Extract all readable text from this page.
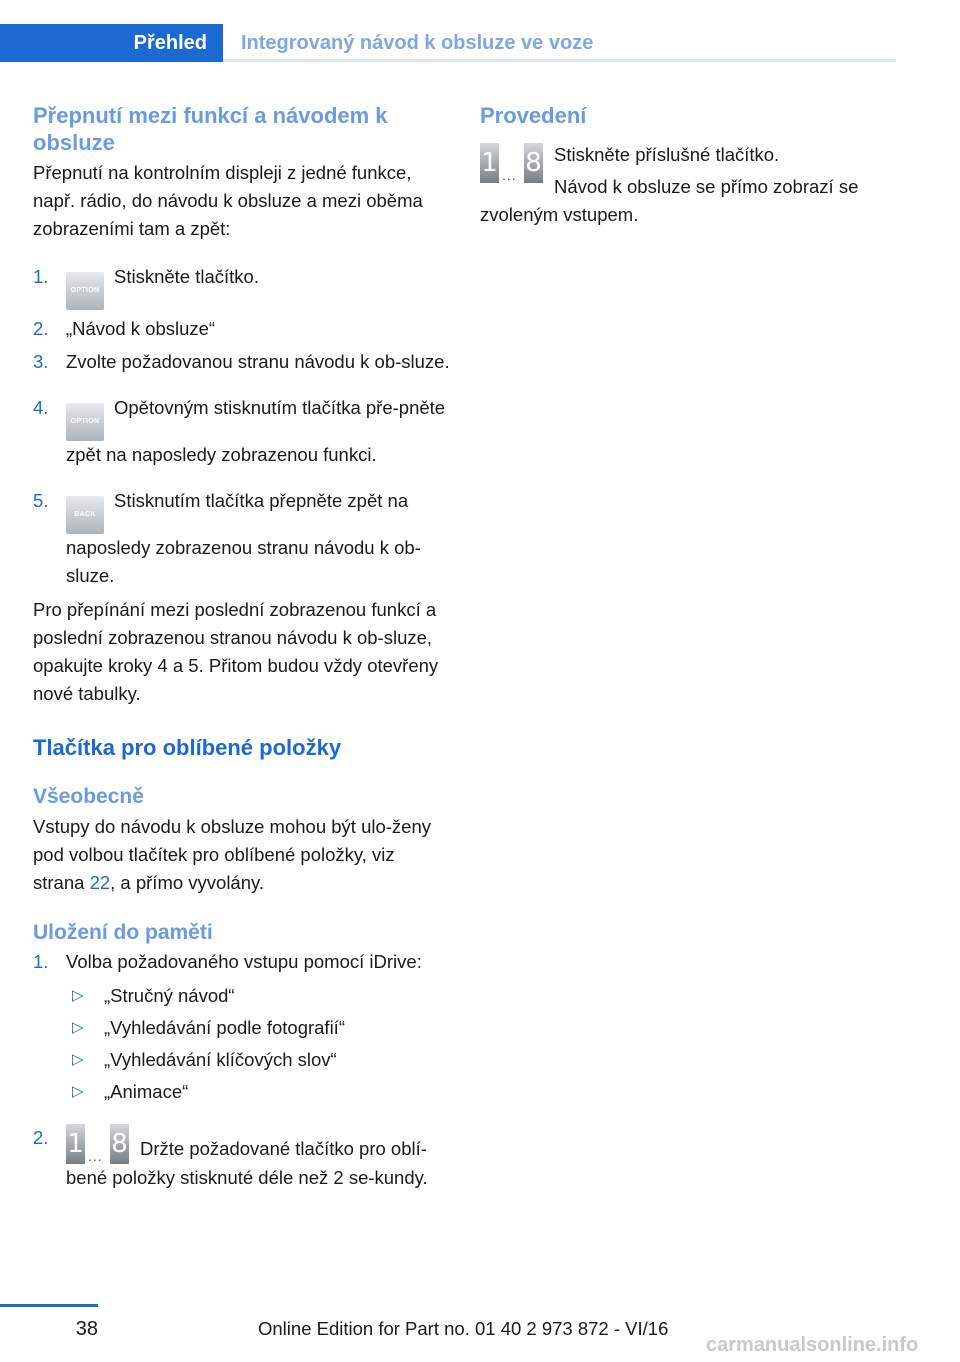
Přehled	Integrovaný návod k obsluze ve voze
Přepnutí mezi funkcí a návodem k obsluze
Přepnutí na kontrolním displeji z jedné funkce, např. rádio, do návodu k obsluze a mezi oběma zobrazeními tam a zpět:
1.
OPTIONStiskněte tlačítko.
2. „Návod k obsluze“
3. Zvolte požadovanou stranu návodu k ob-sluze.
4.
OPTIONOpětovným stisknutím tlačítka pře-pněte zpět na naposledy zobrazenou funkci.
5.
BACKStisknutím tlačítka přepněte zpět na naposledy zobrazenou stranu návodu k ob-sluze.
Pro přepínání mezi poslední zobrazenou funkcí a poslední zobrazenou stranou návodu k ob-sluze, opakujte kroky 4 a 5. Přitom budou vždy otevřeny nové tabulky.
Tlačítka pro oblíbené položky
Všeobecně
Vstupy do návodu k obsluze mohou být ulo-ženy pod volbou tlačítek pro oblíbené položky, viz strana 22, a přímo vyvolány.
Uložení do paměti
1. Volba požadovaného vstupu pomocí iDrive:
▷ „Stručný návod“
▷ „Vyhledávání podle fotografií“
▷ „Vyhledávání klíčových slov“
▷ „Animace“
2. 1 ... 8 Držte požadované tlačítko pro oblí-bené položky stisknuté déle než 2 se-kundy.
Provedení
1 ... 8 Stiskněte příslušné tlačítko.
Návod k obsluze se přímo zobrazí se zvoleným vstupem.
38	Online Edition for Part no. 01 40 2 973 872 - VI/16
carmanualsonline.info
